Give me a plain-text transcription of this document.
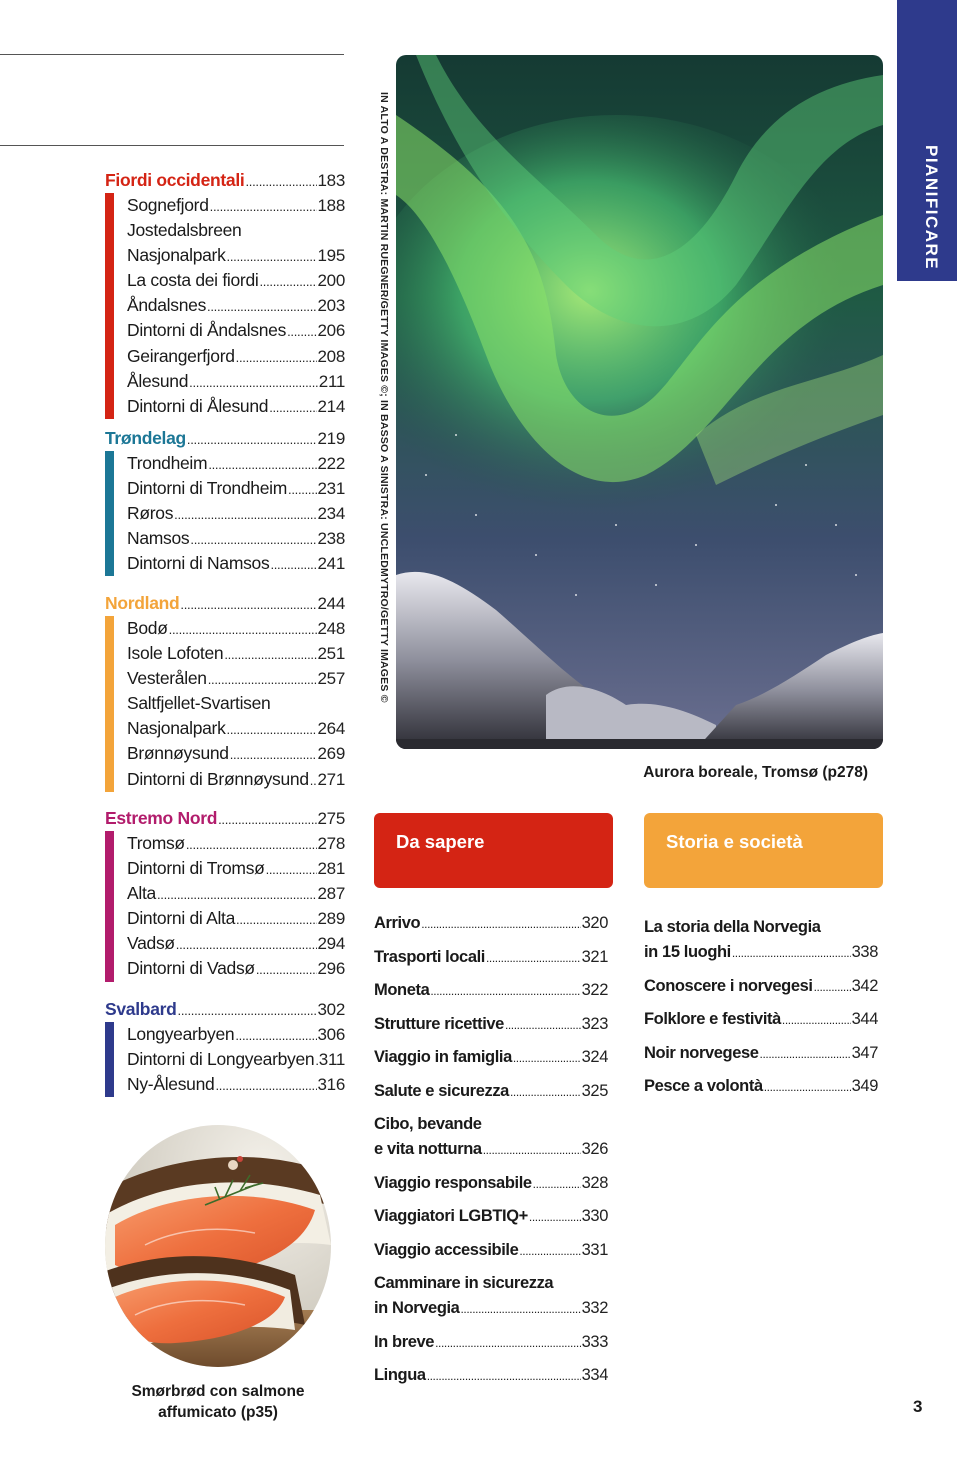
Fiordi occidentali .....	183
Sognefjord .....	188
Jostedalsbreen
Nasjonalpark .....	195
La costa dei fiordi .....	200
Åndalsnes .....	203
Dintorni di Åndalsnes ..... 206
Geirangerfjord .....	208
Ålesund .....	211
Dintorni di Ålesund .....	214
Trøndelag .....	219
Trondheim .....	222
Dintorni di Trondheim ..... 231
Røros .....	234
Namsos .....	238
Dintorni di Namsos .....	241
Nordland .....	244
Bodø .....	248
Isole Lofoten .....	251
Vesterålen .....	257
Saltfjellet-Svartisen
Nasjonalpark .....	264
Brønnøysund .....	269
Dintorni di Brønnøysund ..... 271
Estremo Nord .....	275
Tromsø .....	278
Dintorni di Tromsø .....	281
Alta .....	287
Dintorni di Alta .....	289
Vadsø .....	294
Dintorni di Vadsø .....	296
Svalbard .....	302
Longyearbyen .....	306
Dintorni di Longyearbyen ..... 311
Ny-Ålesund .....	316
IN ALTO A DESTRA: MARTIN RUEGNER/GETTY IMAGES ©; IN BASSO A SINISTRA: UNCLEDMYTRO/GETTY IMAGES ©
Aurora boreale, Tromsø (p278)
PIANIFICARE
Da sapere	Storia e società
Arrivo .....	320
Trasporti locali .....	321
Moneta .....	322
Strutture ricettive .....	323
Viaggio in famiglia .....	324
Salute e sicurezza .....	325
Cibo, bevande
e vita notturna .....	326
Viaggio responsabile .....	328
Viaggiatori LGBTIQ+ .....	330
Viaggio accessibile .....	331
Camminare in sicurezza
in Norvegia .....	332
In breve .....	333
Lingua .....	334
La storia della Norvegia
in 15 luoghi .....	338
Conoscere i norvegesi ..... 342
Folklore e festività .....	344
Noir norvegese .....	347
Pesce a volontà .....	349
Smørbrød con salmone
affumicato (p35)	3
